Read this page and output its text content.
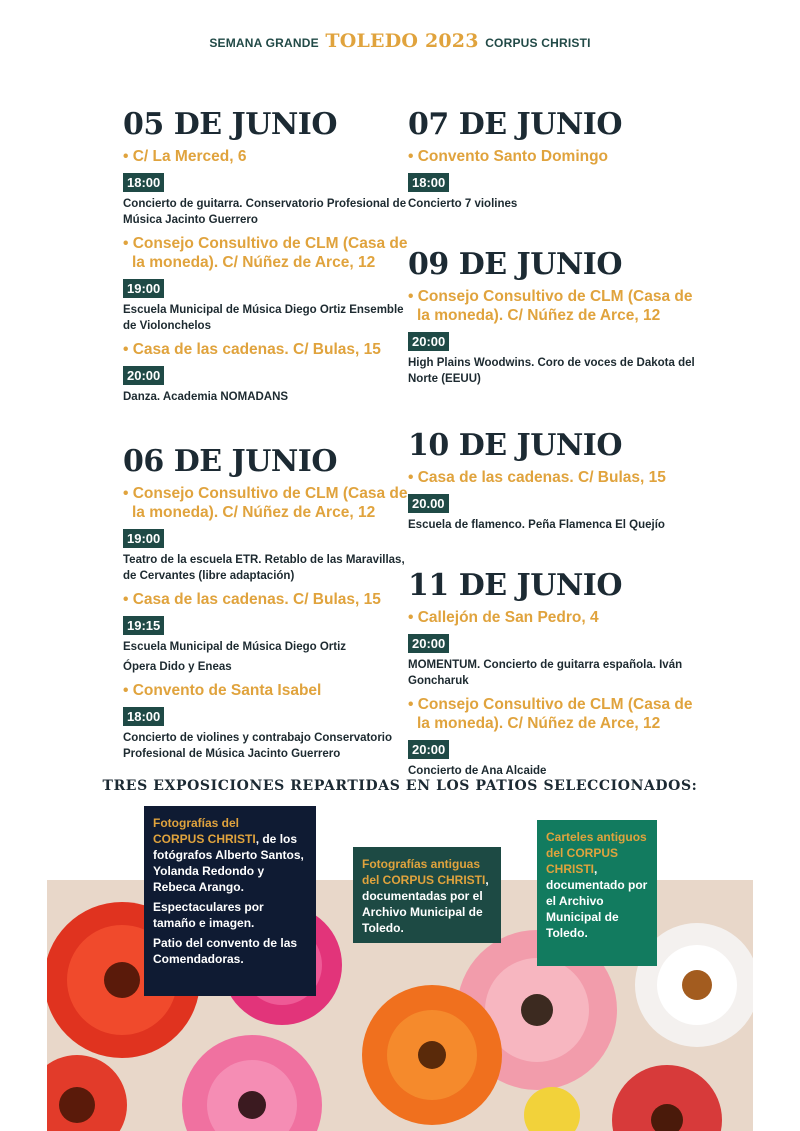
SEMANA GRANDE TOLEDO 2023 CORPUS CHRISTI
05 DE JUNIO
• C/ La Merced, 6
18:00
Concierto de guitarra. Conservatorio Profesional de Música Jacinto Guerrero
• Consejo Consultivo de CLM (Casa de la moneda). C/ Núñez de Arce, 12
19:00
Escuela Municipal de Música Diego Ortiz Ensemble de Violonchelos
• Casa de las cadenas. C/ Bulas, 15
20:00
Danza. Academia NOMADANS
06 DE JUNIO
• Consejo Consultivo de CLM (Casa de la moneda). C/ Núñez de Arce, 12
19:00
Teatro de la escuela ETR. Retablo de las Maravillas, de Cervantes (libre adaptación)
• Casa de las cadenas. C/ Bulas, 15
19:15
Escuela Municipal de Música Diego Ortiz
Ópera Dido y Eneas
• Convento de Santa Isabel
18:00
Concierto de violines y contrabajo Conservatorio Profesional de Música Jacinto Guerrero
07 DE JUNIO
• Convento Santo Domingo
18:00
Concierto 7 violines
09 DE JUNIO
• Consejo Consultivo de CLM (Casa de la moneda). C/ Núñez de Arce, 12
20:00
High Plains Woodwins. Coro de voces de Dakota del Norte (EEUU)
10 DE JUNIO
• Casa de las cadenas. C/ Bulas, 15
20.00
Escuela de flamenco. Peña Flamenca El Quejío
11 DE JUNIO
• Callejón de San Pedro, 4
20:00
MOMENTUM. Concierto de guitarra española. Iván Goncharuk
• Consejo Consultivo de CLM (Casa de la moneda). C/ Núñez de Arce, 12
20:00
Concierto de Ana Alcaide
TRES EXPOSICIONES REPARTIDAS EN LOS PATIOS SELECCIONADOS:

Fotografías del
CORPUS CHRISTI, de los fotógrafos Alberto Santos, Yolanda Redondo y Rebeca Arango.

Espectaculares por tamaño e imagen.

Patio del convento de las Comendadoras.

Fotografías antiguas
del CORPUS CHRISTI, documentadas por el Archivo Municipal de Toledo.
Carteles antiguos del CORPUS CHRISTI, documentado por el Archivo Municipal de Toledo.
